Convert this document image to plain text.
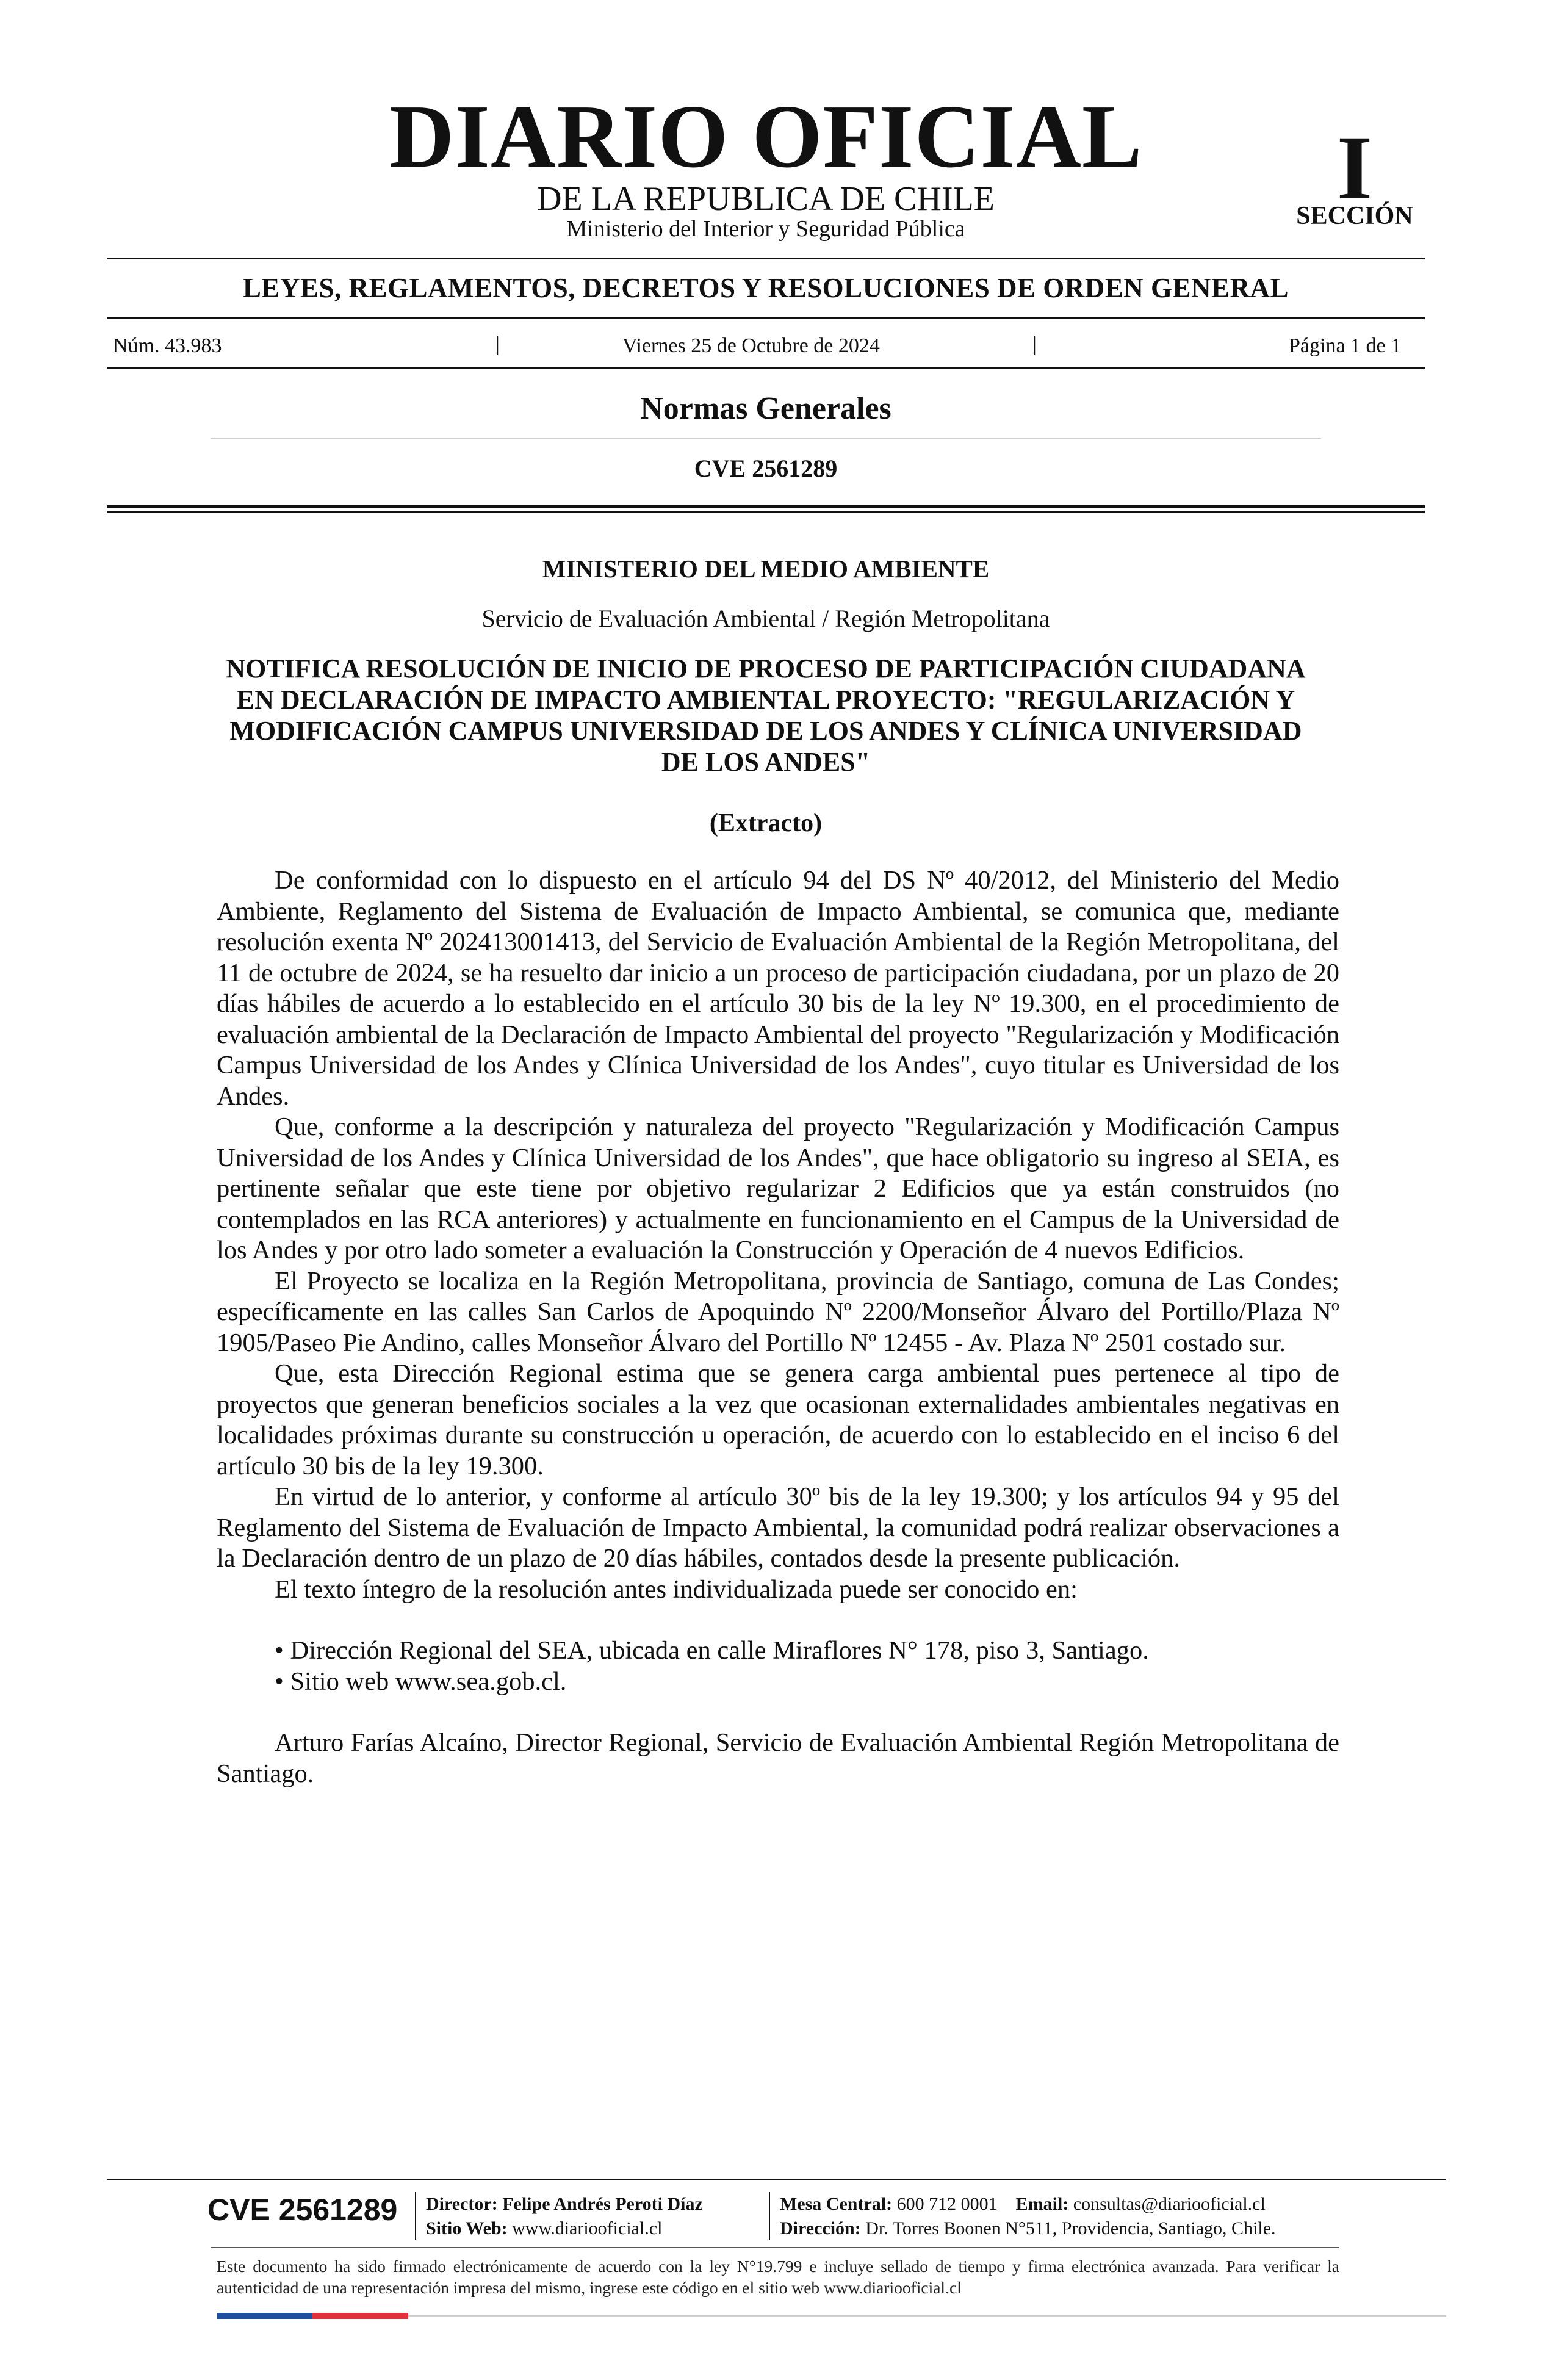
DIARIO OFICIAL
DE LA REPUBLICA DE CHILE
Ministerio del Interior y Seguridad Pública
I
SECCIÓN
LEYES, REGLAMENTOS, DECRETOS Y RESOLUCIONES DE ORDEN GENERAL
Núm. 43.983	|	Viernes 25 de Octubre de 2024	|	Página 1 de 1
Normas Generales
CVE 2561289
MINISTERIO DEL MEDIO AMBIENTE
Servicio de Evaluación Ambiental / Región Metropolitana
NOTIFICA RESOLUCIÓN DE INICIO DE PROCESO DE PARTICIPACIÓN CIUDADANA EN DECLARACIÓN DE IMPACTO AMBIENTAL PROYECTO: "REGULARIZACIÓN Y MODIFICACIÓN CAMPUS UNIVERSIDAD DE LOS ANDES Y CLÍNICA UNIVERSIDAD DE LOS ANDES"
(Extracto)

De conformidad con lo dispuesto en el artículo 94 del DS Nº 40/2012, del Ministerio del Medio Ambiente, Reglamento del Sistema de Evaluación de Impacto Ambiental, se comunica que, mediante resolución exenta Nº 202413001413, del Servicio de Evaluación Ambiental de la Región Metropolitana, del 11 de octubre de 2024, se ha resuelto dar inicio a un proceso de participación ciudadana, por un plazo de 20 días hábiles de acuerdo a lo establecido en el artículo 30 bis de la ley Nº 19.300, en el procedimiento de evaluación ambiental de la Declaración de Impacto Ambiental del proyecto "Regularización y Modificación Campus Universidad de los Andes y Clínica Universidad de los Andes", cuyo titular es Universidad de los Andes.

Que, conforme a la descripción y naturaleza del proyecto "Regularización y Modificación Campus Universidad de los Andes y Clínica Universidad de los Andes", que hace obligatorio su ingreso al SEIA, es pertinente señalar que este tiene por objetivo regularizar 2 Edificios que ya están construidos (no contemplados en las RCA anteriores) y actualmente en funcionamiento en el Campus de la Universidad de los Andes y por otro lado someter a evaluación la Construcción y Operación de 4 nuevos Edificios.

El Proyecto se localiza en la Región Metropolitana, provincia de Santiago, comuna de Las Condes; específicamente en las calles San Carlos de Apoquindo Nº 2200/Monseñor Álvaro del Portillo/Plaza Nº 1905/Paseo Pie Andino, calles Monseñor Álvaro del Portillo Nº 12455 - Av. Plaza Nº 2501 costado sur.

Que, esta Dirección Regional estima que se genera carga ambiental pues pertenece al tipo de proyectos que generan beneficios sociales a la vez que ocasionan externalidades ambientales negativas en localidades próximas durante su construcción u operación, de acuerdo con lo establecido en el inciso 6 del artículo 30 bis de la ley 19.300.

En virtud de lo anterior, y conforme al artículo 30º bis de la ley 19.300; y los artículos 94 y 95 del Reglamento del Sistema de Evaluación de Impacto Ambiental, la comunidad podrá realizar observaciones a la Declaración dentro de un plazo de 20 días hábiles, contados desde la presente publicación.

El texto íntegro de la resolución antes individualizada puede ser conocido en:

• Dirección Regional del SEA, ubicada en calle Miraflores N° 178, piso 3, Santiago.
• Sitio web www.sea.gob.cl.

Arturo Farías Alcaíno, Director Regional, Servicio de Evaluación Ambiental Región Metropolitana de Santiago.

CVE 2561289 Director: Felipe Andrés Peroti Díaz
Sitio Web: www.diariooficial.cl
Mesa Central: 600 712 0001 Email: consultas@diariooficial.cl
Dirección: Dr. Torres Boonen N°511, Providencia, Santiago, Chile.
Este documento ha sido firmado electrónicamente de acuerdo con la ley N°19.799 e incluye sellado de tiempo y firma electrónica avanzada. Para verificar la autenticidad de una representación impresa del mismo, ingrese este código en el sitio web www.diariooficial.cl
